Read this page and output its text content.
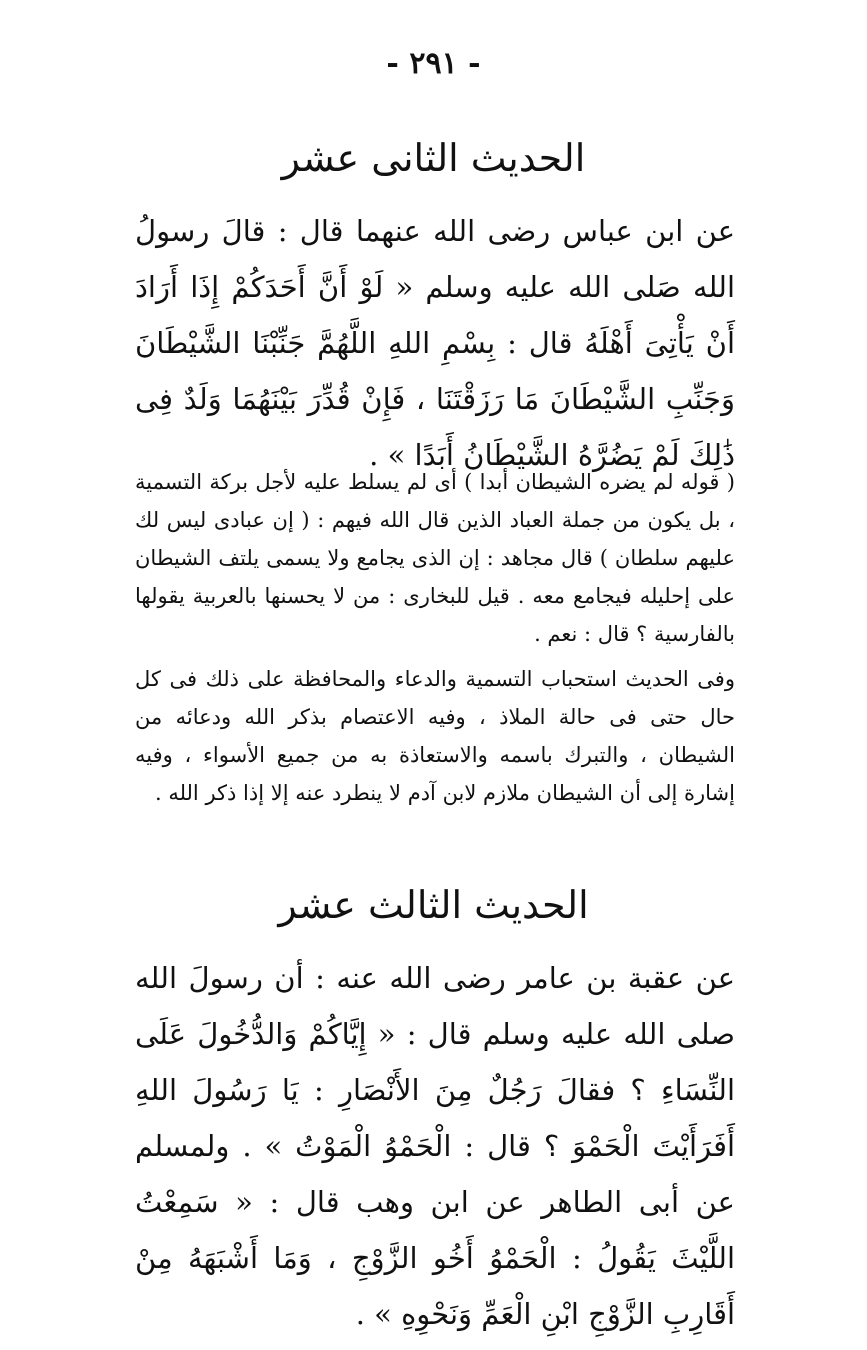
- ٢٩١ -
الحديث الثانى عشر

عن ابن عباس رضى الله عنهما قال : قالَ رسولُ الله صَلى الله عليه وسلم « لَوْ أَنَّ أَحَدَكُمْ إِذَا أَرَادَ أَنْ يَأْتِىَ أَهْلَهُ قال : بِسْمِ اللهِ اللَّهُمَّ جَنِّبْنَا الشَّيْطَانَ وَجَنِّبِ الشَّيْطَانَ مَا رَزَقْتَنَا ، فَإِنْ قُدِّرَ بَيْنَهُمَا وَلَدٌ فِى ذَٰلِكَ لَمْ يَضُرَّهُ الشَّيْطَانُ أَبَدًا » .

( قوله لم يضره الشيطان أبدا ) أى لم يسلط عليه لأجل بركة التسمية ، بل يكون من جملة العباد الذين قال الله فيهم : ( إن عبادى ليس لك عليهم سلطان ) قال مجاهد : إن الذى يجامع ولا يسمى يلتف الشيطان على إحليله فيجامع معه . قيل للبخارى : من لا يحسنها بالعربية يقولها بالفارسية ؟ قال : نعم .

وفى الحديث استحباب التسمية والدعاء والمحافظة على ذلك فى كل حال حتى فى حالة الملاذ ، وفيه الاعتصام بذكر الله ودعائه من الشيطان ، والتبرك باسمه والاستعاذة به من جميع الأسواء ، وفيه إشارة إلى أن الشيطان ملازم لابن آدم لا ينطرد عنه إلا إذا ذكر الله .

الحديث الثالث عشر

عن عقبة بن عامر رضى الله عنه : أن رسولَ الله صلى الله عليه وسلم قال : « إِيَّاكُمْ وَالدُّخُولَ عَلَى النِّسَاءِ ؟ فقالَ رَجُلٌ مِنَ الأَنْصَارِ : يَا رَسُولَ اللهِ أَفَرَأَيْتَ الْحَمْوَ ؟ قال : الْحَمْوُ الْمَوْتُ » . ولمسلم عن أبى الطاهر عن ابن وهب قال : « سَمِعْتُ اللَّيْثَ يَقُولُ : الْحَمْوُ أَخُو الزَّوْجِ ، وَمَا أَشْبَهَهُ مِنْ أَقَارِبِ الزَّوْجِ ابْنِ الْعَمِّ وَنَحْوِهِ » .
